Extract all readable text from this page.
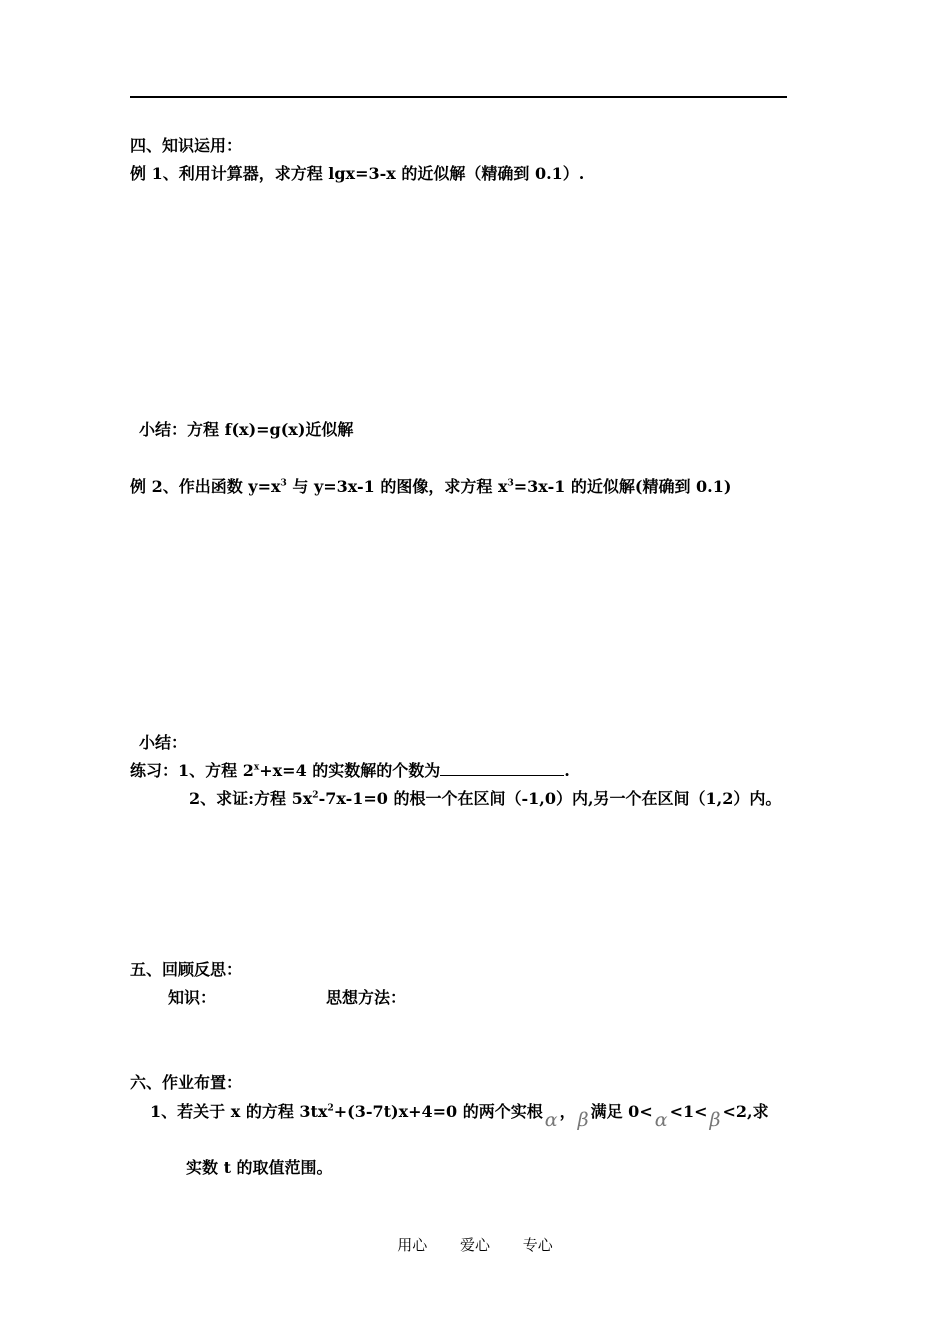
四、知识运用：
例 1、利用计算器，求方程 lgx=3-x 的近似解（精确到 0.1）.
小结：方程 f(x)=g(x)近似解
例 2、作出函数 $y=x^3$ 与 y=3x-1 的图像，求方程 $x^3=3x-1$ 的近似解(精确到 0.1)
小结：
练习：1、方程 $2^x+x=4$ 的实数解的个数为	.
2、求证:方程 $5x^2-7x-1=0$ 的根一个在区间（-1,0）内,另一个在区间（1,2）内。
五、回顾反思：
知识：	思想方法：
六、作业布置：
1、若关于 x 的方程 $3tx^2+(3-7t)x+4=0$ 的两个实根 α ， β 满足 0< α <1< β <2,求
实数 t 的取值范围。
用心 爱心 专心
